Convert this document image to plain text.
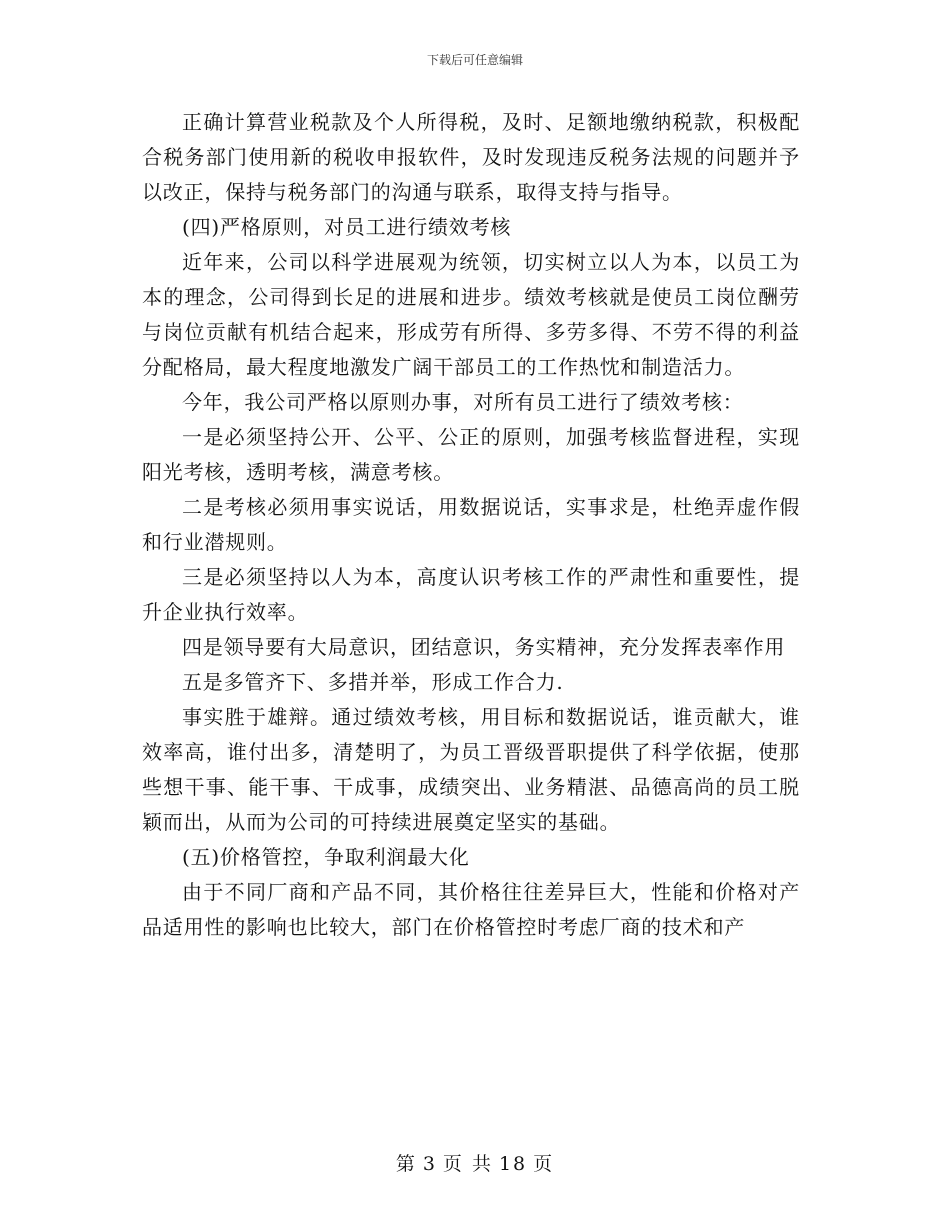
下载后可任意编辑

正确计算营业税款及个人所得税，及时、足额地缴纳税款，积极配合税务部门使用新的税收申报软件，及时发现违反税务法规的问题并予以改正，保持与税务部门的沟通与联系，取得支持与指导。

(四)严格原则，对员工进行绩效考核

近年来，公司以科学进展观为统领，切实树立以人为本，以员工为本的理念，公司得到长足的进展和进步。绩效考核就是使员工岗位酬劳与岗位贡献有机结合起来，形成劳有所得、多劳多得、不劳不得的利益分配格局，最大程度地激发广阔干部员工的工作热忱和制造活力。

今年，我公司严格以原则办事，对所有员工进行了绩效考核：

一是必须坚持公开、公平、公正的原则，加强考核监督进程，实现阳光考核，透明考核，满意考核。

二是考核必须用事实说话，用数据说话，实事求是，杜绝弄虚作假和行业潜规则。

三是必须坚持以人为本，高度认识考核工作的严肃性和重要性，提升企业执行效率。

四是领导要有大局意识，团结意识，务实精神，充分发挥表率作用

五是多管齐下、多措并举，形成工作合力.

事实胜于雄辩。通过绩效考核，用目标和数据说话，谁贡献大，谁效率高，谁付出多，清楚明了，为员工晋级晋职提供了科学依据，使那些想干事、能干事、干成事，成绩突出、业务精湛、品德高尚的员工脱颖而出，从而为公司的可持续进展奠定坚实的基础。

(五)价格管控，争取利润最大化

由于不同厂商和产品不同，其价格往往差异巨大，性能和价格对产品适用性的影响也比较大，部门在价格管控时考虑厂商的技术和产

第 3 页 共 18 页
